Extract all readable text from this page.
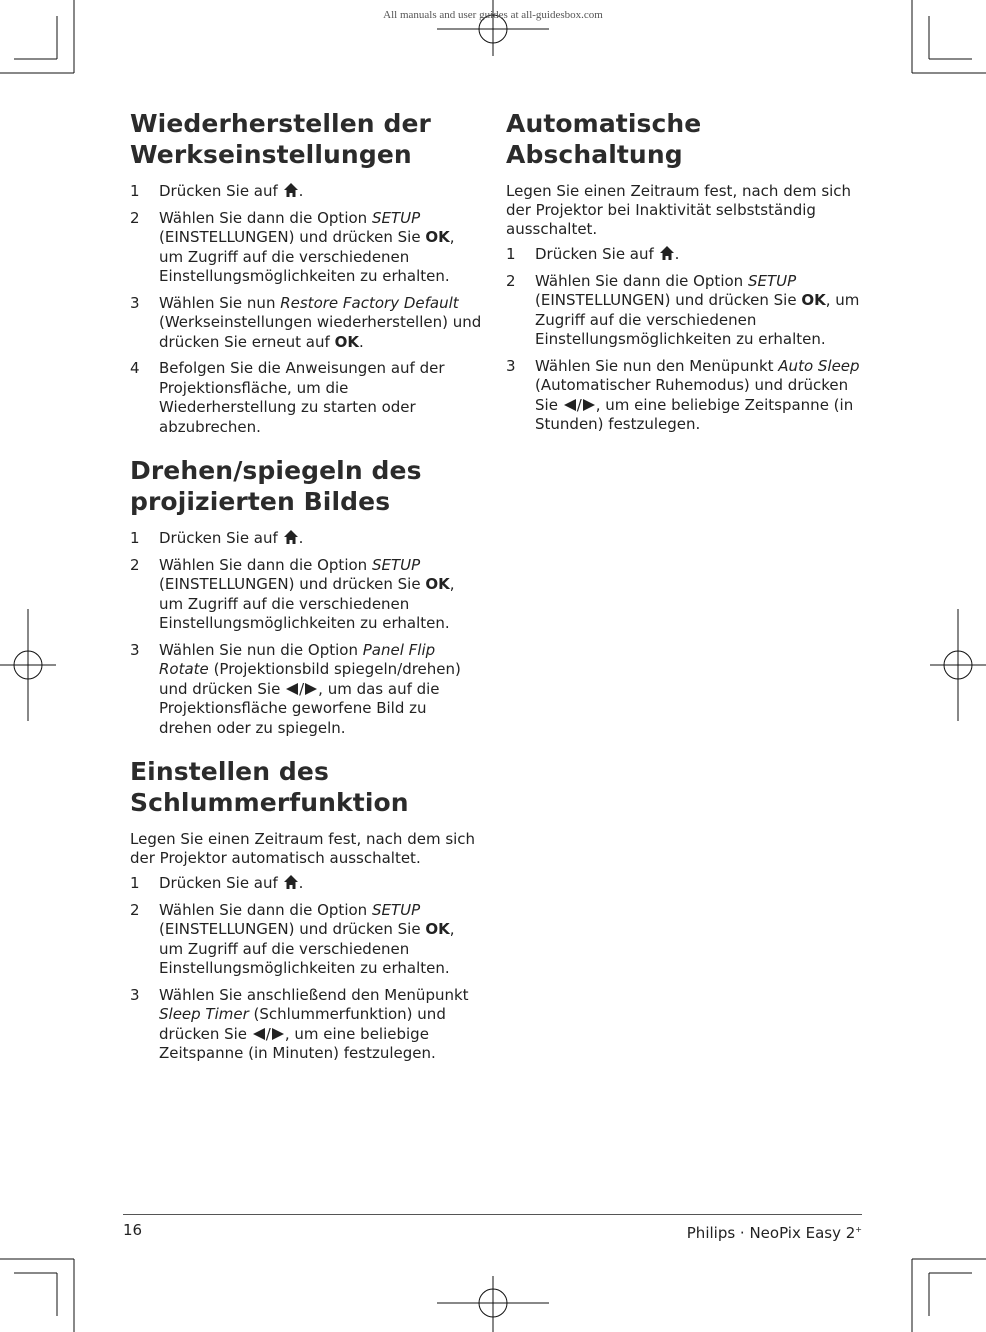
All manuals and user guides at all-guidesbox.com
Wiederherstellen der
Werkseinstellungen
1 Drücken Sie auf .
2 Wählen Sie dann die Option SETUP (EINSTELLUNGEN) und drücken Sie OK, um Zugriff auf die verschiedenen Einstellungsmöglichkeiten zu erhalten.
3 Wählen Sie nun Restore Factory Default (Werkseinstellungen wiederherstellen) und drücken Sie erneut auf OK.
4 Befolgen Sie die Anweisungen auf der Projektionsfläche, um die Wiederherstellung zu starten oder abzubrechen.
Drehen/spiegeln des
projizierten Bildes
1 Drücken Sie auf .
2 Wählen Sie dann die Option SETUP (EINSTELLUNGEN) und drücken Sie OK, um Zugriff auf die verschiedenen Einstellungsmöglichkeiten zu erhalten.
3 Wählen Sie nun die Option Panel Flip Rotate (Projektionsbild spiegeln/drehen) und drücken Sie / , um das auf die Projektionsfläche geworfene Bild zu drehen oder zu spiegeln.
Einstellen des
Schlummerfunktion

Legen Sie einen Zeitraum fest, nach dem sich der Projektor automatisch ausschaltet.

1 Drücken Sie auf .
2 Wählen Sie dann die Option SETUP (EINSTELLUNGEN) und drücken Sie OK, um Zugriff auf die verschiedenen Einstellungsmöglichkeiten zu erhalten.
3 Wählen Sie anschließend den Menüpunkt Sleep Timer (Schlummerfunktion) und drücken Sie / , um eine beliebige Zeitspanne (in Minuten) festzulegen.
Automatische
Abschaltung

Legen Sie einen Zeitraum fest, nach dem sich der Projektor bei Inaktivität selbstständig ausschaltet.

1 Drücken Sie auf .
2 Wählen Sie dann die Option SETUP (EINSTELLUNGEN) und drücken Sie OK, um Zugriff auf die verschiedenen Einstellungsmöglichkeiten zu erhalten.
3 Wählen Sie nun den Menüpunkt Auto Sleep (Automatischer Ruhemodus) und drücken Sie / , um eine beliebige Zeitspanne (in Stunden) festzulegen.
16	Philips · NeoPix Easy 2+
